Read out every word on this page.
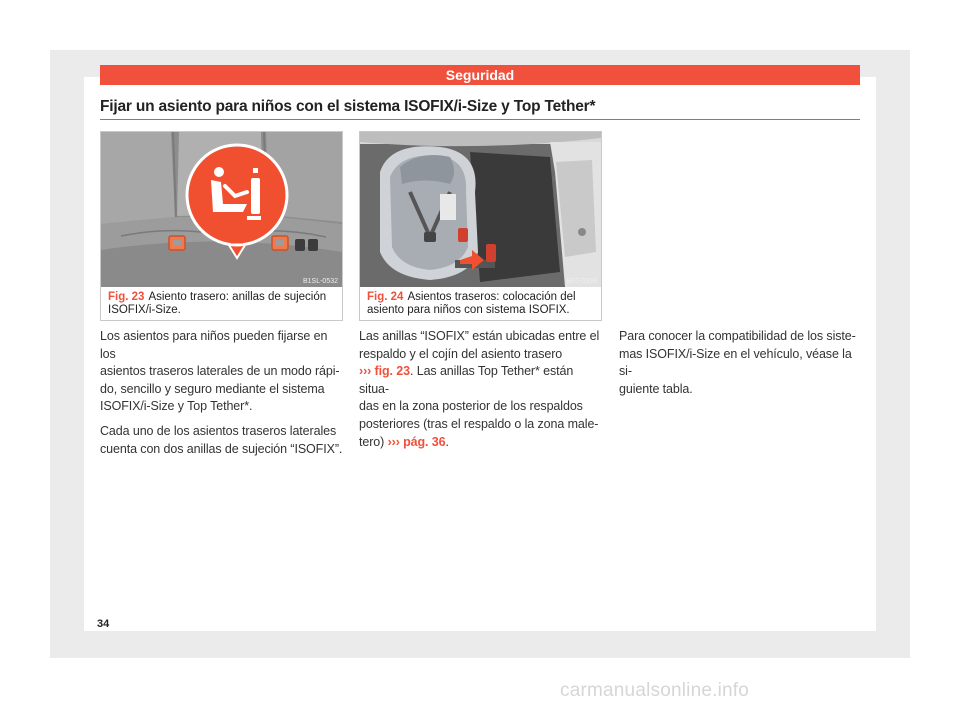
Seguridad
Fijar un asiento para niños con el sistema ISOFIX/i-Size y Top Tether*
B1SL-0532
Fig. 23 Asiento trasero: anillas de sujeción
ISOFIX/i-Size.
B5T-0359
Fig. 24 Asientos traseros: colocación del
asiento para niños con sistema ISOFIX.

Los asientos para niños pueden fijarse en los
asientos traseros laterales de un modo rápi-
do, sencillo y seguro mediante el sistema
ISOFIX/i-Size y Top Tether*.

Cada uno de los asientos traseros laterales
cuenta con dos anillas de sujeción “ISOFIX”.

Las anillas “ISOFIX” están ubicadas entre el
respaldo y el cojín del asiento trasero
››› fig. 23. Las anillas Top Tether* están situa-
das en la zona posterior de los respaldos
posteriores (tras el respaldo o la zona male-
tero) ››› pág. 36.

Para conocer la compatibilidad de los siste-
mas ISOFIX/i-Size en el vehículo, véase la si-
guiente tabla.

34
carmanualsonline.info
